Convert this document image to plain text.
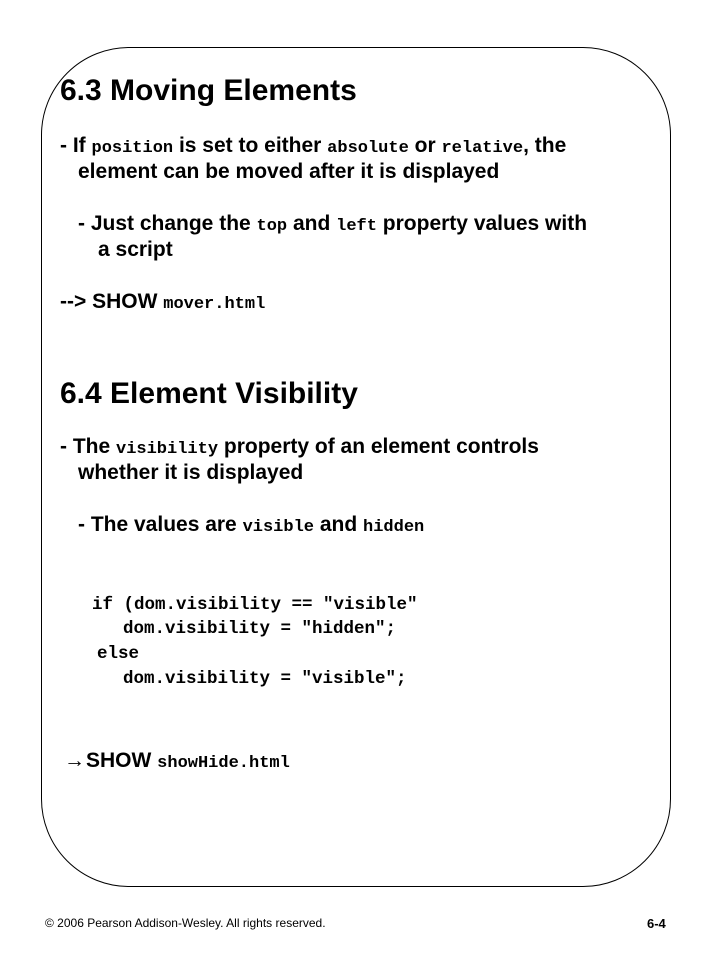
6.3 Moving Elements
- If position is set to either absolute or relative, the
element can be moved after it is displayed
- Just change the top and left property values with
a script
--> SHOW mover.html
6.4 Element Visibility
- The visibility property of an element controls
whether it is displayed
- The values are visible and hidden
if (dom.visibility == "visible"
dom.visibility = "hidden";
else
dom.visibility = "visible";
→SHOW showHide.html
© 2006 Pearson Addison-Wesley. All rights reserved.	6-4
